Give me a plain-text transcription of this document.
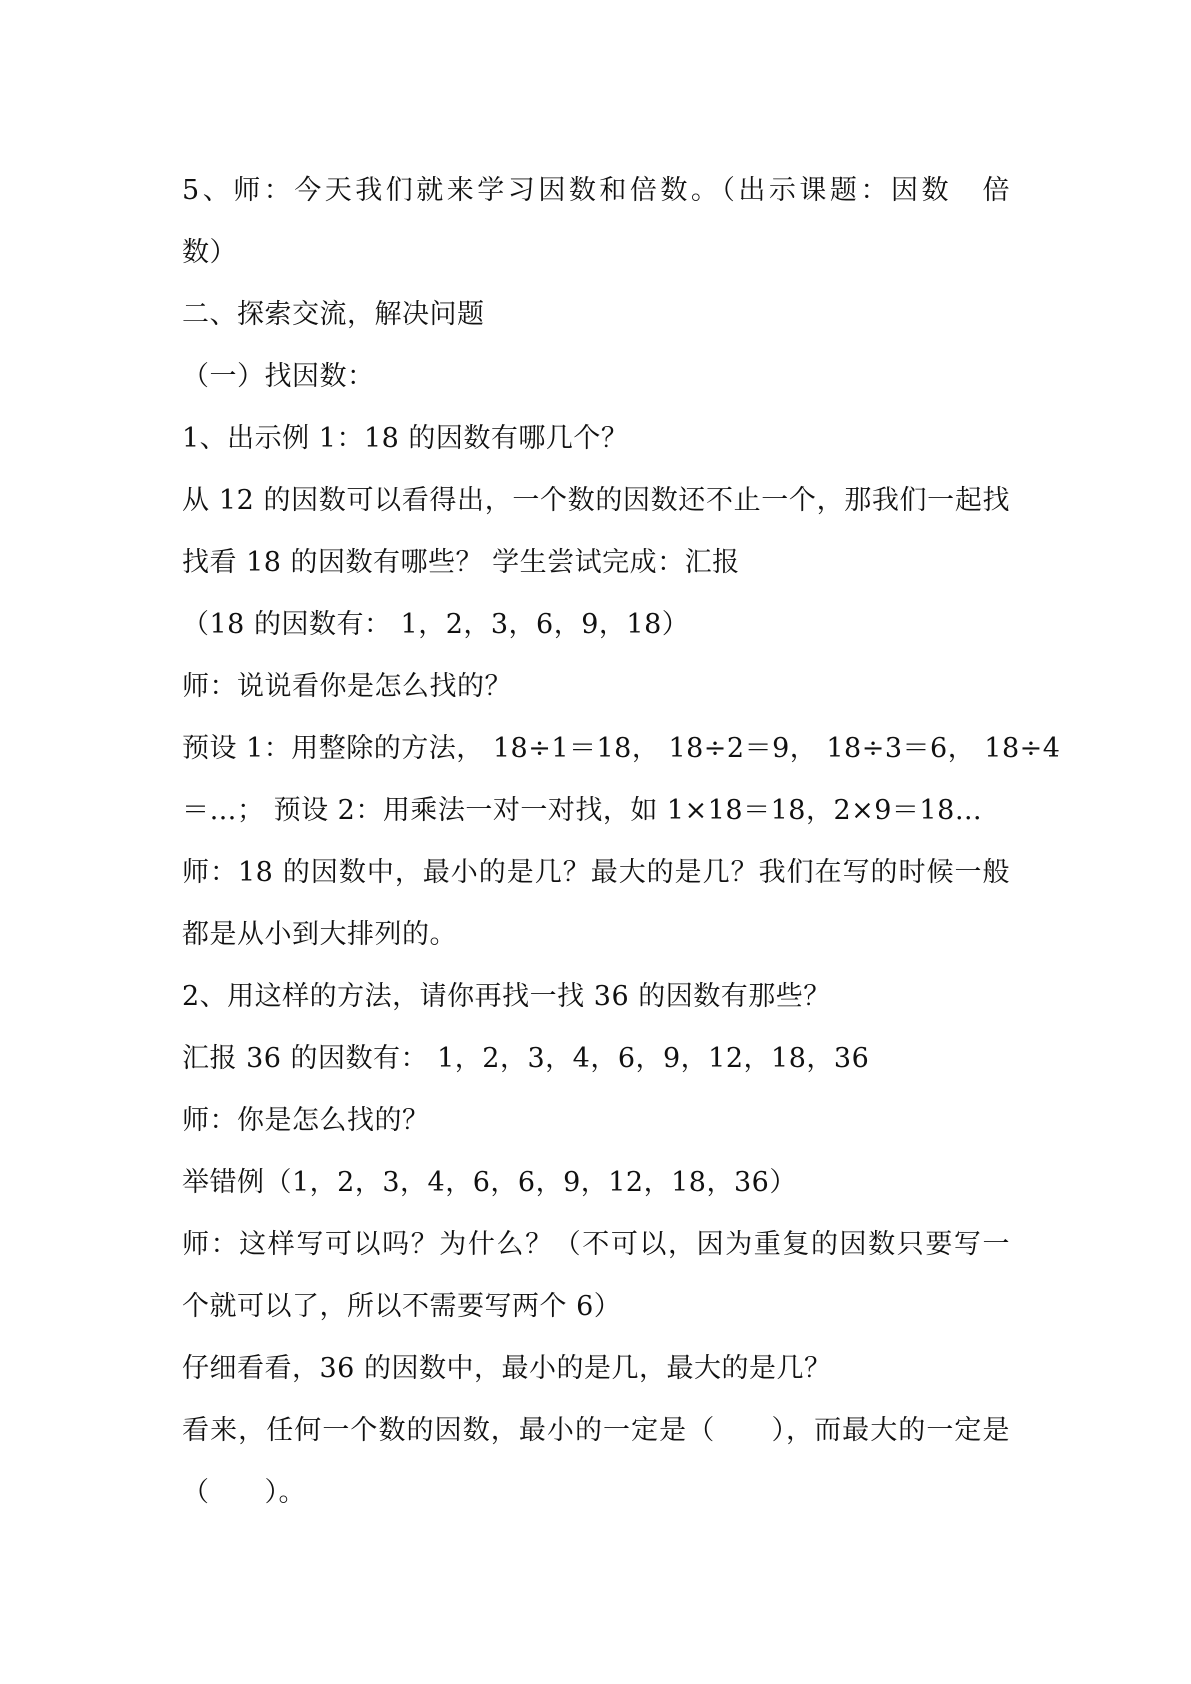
5、师：今天我们就来学习因数和倍数。（出示课题：因数　倍

数）

二、探索交流，解决问题

（一）找因数：

1、出示例 1：18 的因数有哪几个？

从 12 的因数可以看得出，一个数的因数还不止一个，那我们一起找

找看 18 的因数有哪些？ 学生尝试完成：汇报

（18 的因数有： 1，2，3，6，9，18）

师：说说看你是怎么找的？

预设 1：用整除的方法， 18÷1＝18， 18÷2＝9， 18÷3＝6， 18÷4

＝…； 预设 2：用乘法一对一对找，如 1×18＝18，2×9＝18…

师：18 的因数中，最小的是几？最大的是几？我们在写的时候一般

都是从小到大排列的。

2、用这样的方法，请你再找一找 36 的因数有那些？

汇报 36 的因数有： 1，2，3，4，6，9，12，18，36

师：你是怎么找的？

举错例（1，2，3，4，6，6，9，12，18，36）

师：这样写可以吗？为什么？（不可以，因为重复的因数只要写一

个就可以了，所以不需要写两个 6）

仔细看看，36 的因数中，最小的是几，最大的是几？

看来，任何一个数的因数，最小的一定是（　　），而最大的一定是

（　　）。
